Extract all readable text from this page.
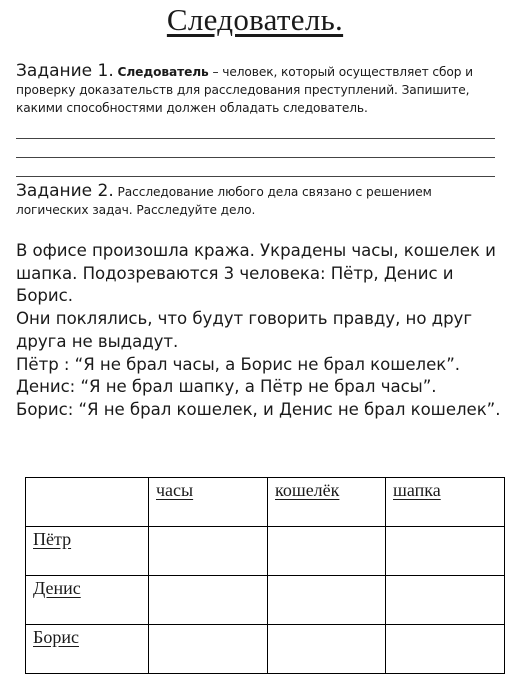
Следователь.
Задание 1. Следователь – человек, который осуществляет сбор и проверку доказательств для расследования преступлений. Запишите, какими способностями должен обладать следователь.
Задание 2. Расследование любого дела связано с решением логических задач. Расследуйте дело.

В офисе произошла кража. Украдены часы, кошелек и шапка. Подозреваются 3 человека: Пётр, Денис и Борис.

Они поклялись, что будут говорить правду, но друг друга не выдадут.

Пётр : “Я не брал часы, а Борис не брал кошелек”.

Денис: “Я не брал шапку, а Пётр не брал часы”.

Борис: “Я не брал кошелек, и Денис не брал кошелек”.

	часы	кошелёк	шапка
Пётр			
Денис			
Борис			
